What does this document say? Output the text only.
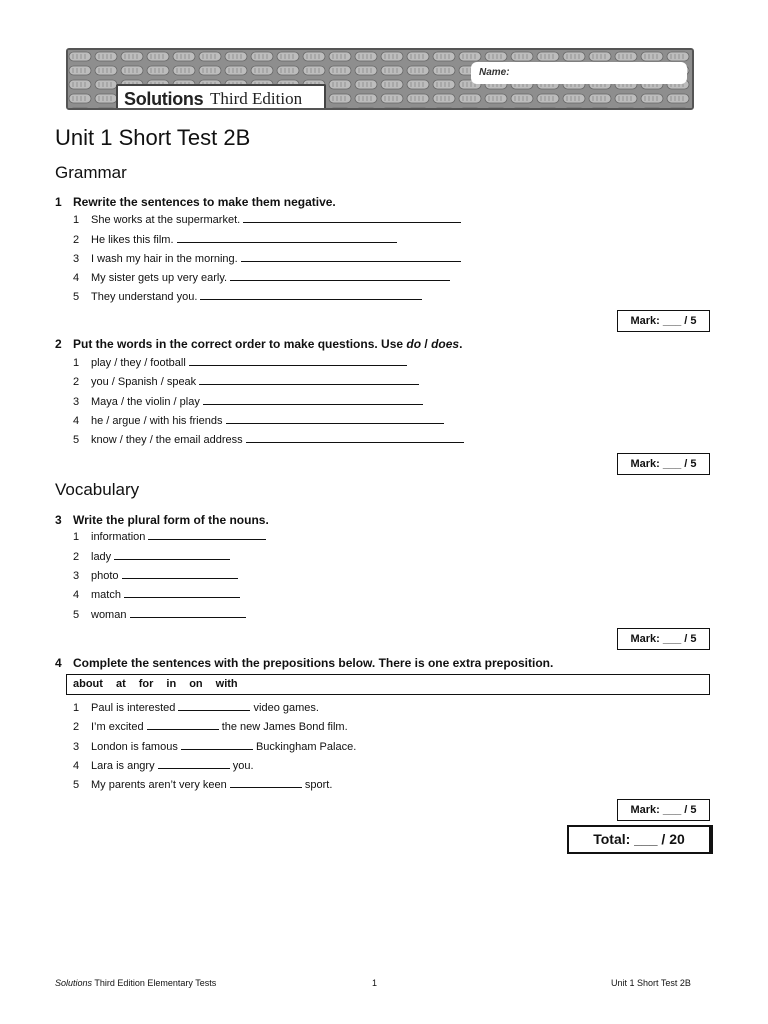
Solutions Third Edition
Name:
Unit 1 Short Test 2B
Grammar
1 Rewrite the sentences to make them negative.
1 She works at the supermarket.
2 He likes this film.
3 I wash my hair in the morning.
4 My sister gets up very early.
5 They understand you.
Mark: ___ / 5
2 Put the words in the correct order to make questions. Use do / does.
1 play / they / football
2 you / Spanish / speak
3 Maya / the violin / play
4 he / argue / with his friends
5 know / they / the email address
Mark: ___ / 5
Vocabulary
3 Write the plural form of the nouns.
1 information
2 lady
3 photo
4 match
5 woman
Mark: ___ / 5
4 Complete the sentences with the prepositions below. There is one extra preposition.
about at for in on with
1 Paul is interested	video games.
2 I’m excited	the new James Bond film.
3 London is famous	Buckingham Palace.
4 Lara is angry	you.
5 My parents aren’t very keen	sport.
Mark: ___ / 5
Total: ___ / 20
Solutions Third Edition Elementary Tests	1	Unit 1 Short Test 2B
